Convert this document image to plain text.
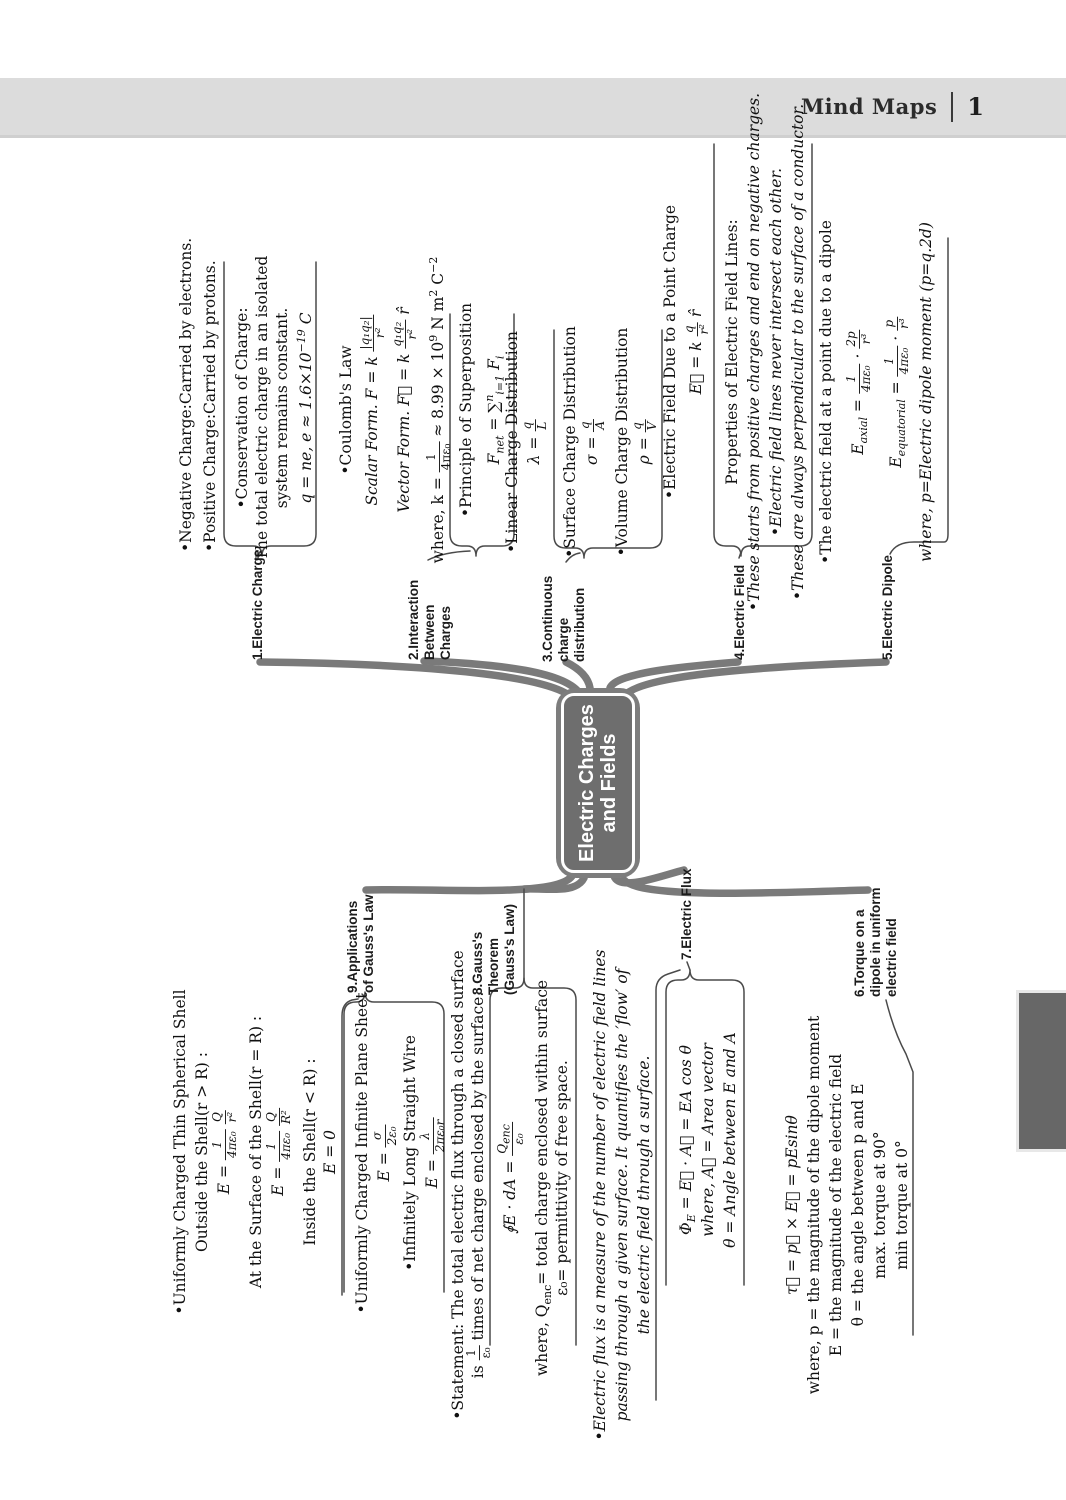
Mind Maps 1
Electric Charges and Fields
1.Electric Charge
•Negative Charge:Carried by electrons. •Positive Charge:Carried by protons. •Conservation of Charge: The total electric charge in an isolated system remains constant. q = ne, $e \approx 1.6\times 10^{-19}$ C
2.Interaction Between Charges
•Coulomb's Law Scalar Form. F = k
|q₁q₂| r²
Vector Form. F⃗ = k
q₁q₂ r²
r̂
where, k =
1 4πε₀
≈ $8.99 \times 10^9$ N $m^2$ $C^{-2}$
•Principle of Superposition $F_{net} = \sum^n_{i=1}$ $F_i$
3.Continuous charge distribution
•Linear Charge Distribution λ =
q L •Surface Charge Distribution σ =
q A •Volume Charge Distribution ρ =
q V
4.Electric Field
•Electric Field Due to a Point Charge E⃗ = k
q r²
r̂	Properties of Electric Field Lines: •These starts from positive charges and end on negative charges. •Electric field lines never intersect each other. •These are always perpendicular to the surface of a conductor.
5.Electric Dipole
•The electric field at a point due to a dipole $E_{axial}$ =
1 4πε₀
·
2p r³
$E_{equatorial}$ =
1 4πε₀
·
p r³ where, p=Electric dipole moment (p=q.2d)
6.Torque on a dipole in uniform electric field
τ⃗ = p⃗ × E⃗ = pEsinθ where, p = the magnitude of the dipole moment E = the magnitude of the electric field θ = the angle between p and E max. torque at 90° min torque at 0°
7.Electric Flux
•Electric flux is a measure of the number of electric field lines passing through a given surface. It quantifies the ′flow′ of the electric field through a surface. $\Phi_E$ = E⃗ · A⃗ = EA cos θ where, A⃗ = Area vector θ = Angle between E and A
8.Gauss's Theorem (Gauss's Law)
•Statement: The total electric flux through a closed surface is
1 ε₀
times of net charge enclosed by the surface. ∮E · dA =
$Q_{enc}$ ε₀
where, $Q_{enc}=$ total charge enclosed within surface ε₀= permittivity of free space.
9.Applications of Gauss's Law
•Uniformly Charged Thin Spherical Shell Outside the Shell(r > R) : E =
1 4πε₀

Q r² At the Surface of the Shell(r = R) : E =
1 4πε₀

Q R² Inside the Shell(r < R) : E = 0 •Uniformly Charged Infinite Plane Sheet E =
σ 2ε₀ •Infinitely Long Straight Wire E =
λ 2πε₀r
